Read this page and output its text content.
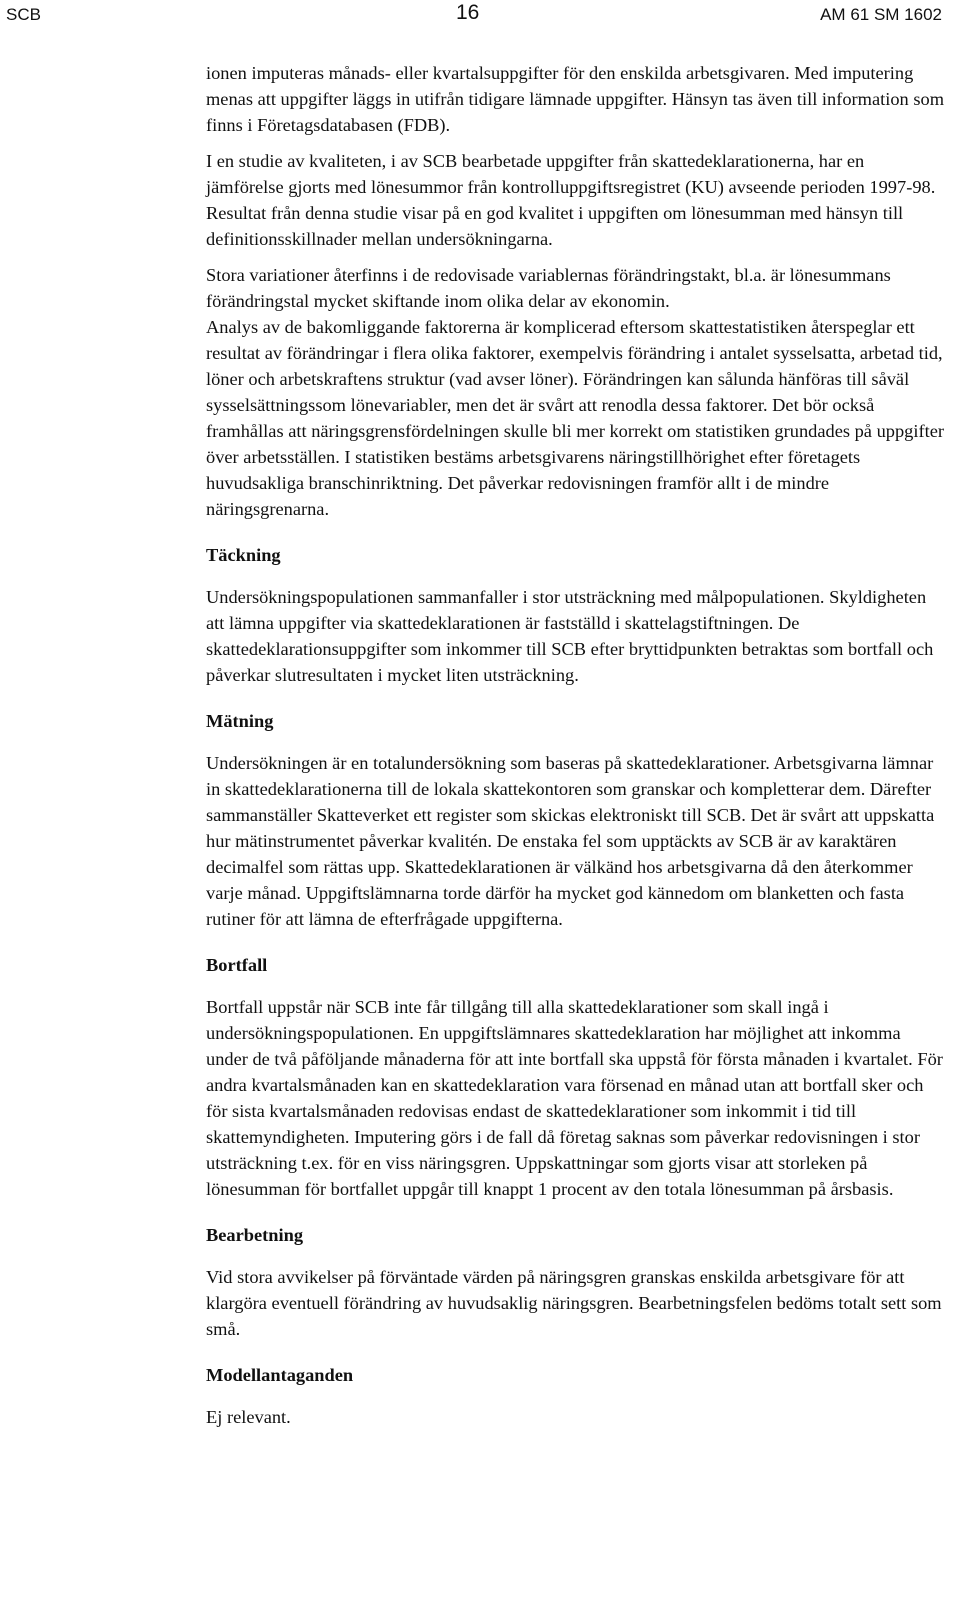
SCB	16	AM 61 SM 1602

ionen imputeras månads- eller kvartalsuppgifter för den enskilda arbetsgivaren. Med imputering menas att uppgifter läggs in utifrån tidigare lämnade uppgifter. Hänsyn tas även till information som finns i Företagsdatabasen (FDB).

I en studie av kvaliteten, i av SCB bearbetade uppgifter från skattedeklarationerna, har en jämförelse gjorts med lönesummor från kontrolluppgiftsregistret (KU) avseende perioden 1997-98. Resultat från denna studie visar på en god kvalitet i uppgiften om lönesumman med hänsyn till definitionsskillnader mellan undersökningarna.

Stora variationer återfinns i de redovisade variablernas förändringstakt, bl.a. är lönesummans förändringstal mycket skiftande inom olika delar av ekonomin.

Analys av de bakomliggande faktorerna är komplicerad eftersom skattestatistiken återspeglar ett resultat av förändringar i flera olika faktorer, exempelvis förändring i antalet sysselsatta, arbetad tid, löner och arbetskraftens struktur (vad avser löner). Förändringen kan sålunda hänföras till såväl sysselsättningssom lönevariabler, men det är svårt att renodla dessa faktorer. Det bör också framhållas att näringsgrensfördelningen skulle bli mer korrekt om statistiken grundades på uppgifter över arbetsställen. I statistiken bestäms arbetsgivarens näringstillhörighet efter företagets huvudsakliga branschinriktning. Det påverkar redovisningen framför allt i de mindre näringsgrenarna.

Täckning

Undersökningspopulationen sammanfaller i stor utsträckning med målpopulationen. Skyldigheten att lämna uppgifter via skattedeklarationen är fastställd i skattelagstiftningen. De skattedeklarationsuppgifter som inkommer till SCB efter bryttidpunkten betraktas som bortfall och påverkar slutresultaten i mycket liten utsträckning.

Mätning

Undersökningen är en totalundersökning som baseras på skattedeklarationer. Arbetsgivarna lämnar in skattedeklarationerna till de lokala skattekontoren som granskar och kompletterar dem. Därefter sammanställer Skatteverket ett register som skickas elektroniskt till SCB. Det är svårt att uppskatta hur mätinstrumentet påverkar kvalitén. De enstaka fel som upptäckts av SCB är av karaktären decimalfel som rättas upp. Skattedeklarationen är välkänd hos arbetsgivarna då den återkommer varje månad. Uppgiftslämnarna torde därför ha mycket god kännedom om blanketten och fasta rutiner för att lämna de efterfrågade uppgifterna.

Bortfall

Bortfall uppstår när SCB inte får tillgång till alla skattedeklarationer som skall ingå i undersökningspopulationen. En uppgiftslämnares skattedeklaration har möjlighet att inkomma under de två påföljande månaderna för att inte bortfall ska uppstå för första månaden i kvartalet. För andra kvartalsmånaden kan en skattedeklaration vara försenad en månad utan att bortfall sker och för sista kvartalsmånaden redovisas endast de skattedeklarationer som inkommit i tid till skattemyndigheten. Imputering görs i de fall då företag saknas som påverkar redovisningen i stor utsträckning t.ex. för en viss näringsgren. Uppskattningar som gjorts visar att storleken på lönesumman för bortfallet uppgår till knappt 1 procent av den totala lönesumman på årsbasis.

Bearbetning

Vid stora avvikelser på förväntade värden på näringsgren granskas enskilda arbetsgivare för att klargöra eventuell förändring av huvudsaklig näringsgren. Bearbetningsfelen bedöms totalt sett som små.

Modellantaganden

Ej relevant.
